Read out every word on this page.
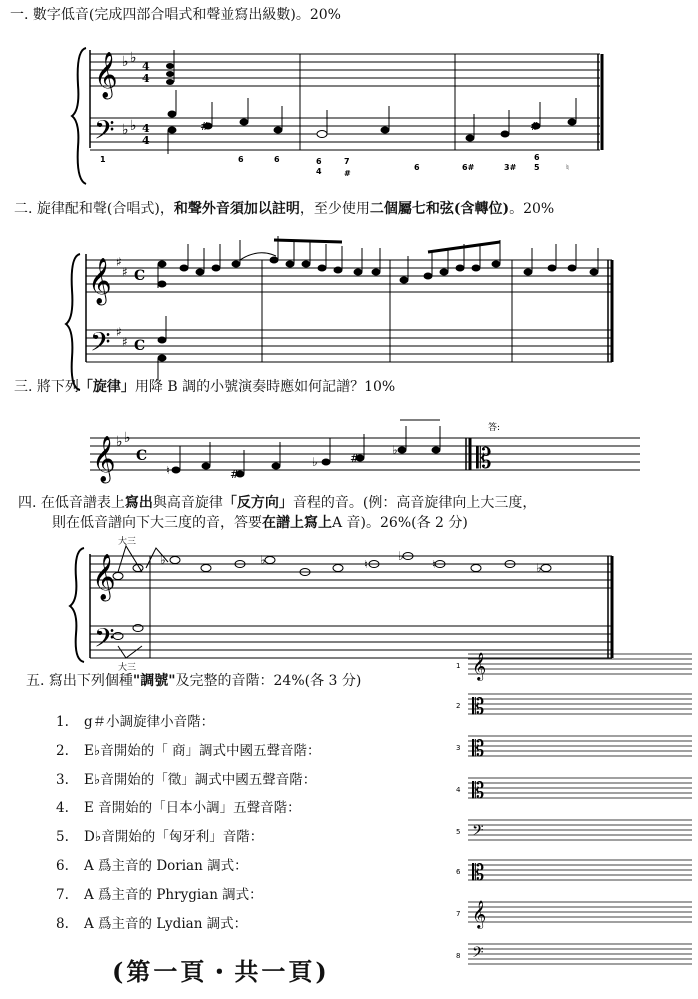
一. 數字低音(完成四部合唱式和聲並寫出級數)。20%
𝄞
𝄢
♭ ♭
♭ ♭
4
4
4
4
#	#
1	6	6	6
4
7
#
6	6#	3#
6
5	♮
二. 旋律配和聲(合唱式)，和聲外音須加以註明，至少使用二個屬七和弦(含轉位)。20%
𝄞
𝄢
♯
♯
♯
♯
C
C
三. 將下列「旋律」用降 B 調的小號演奏時應如何記譜？10%
𝄞 ♭ ♭
C
♮	#
♭	#
♭	𝄡
答:
四. 在低音譜表上寫出與高音旋律「反方向」音程的音。(例：高音旋律向上大三度，
則在低音譜向下大三度的音，答要在譜上寫上A 音)。26%(各 2 分)
𝄞
𝄢
大三
♭	♭	♮
♭
♮	♭
大三
五. 寫出下列個種"調號"及完整的音階：24%(各 3 分)
1. g＃小調旋律小音階：
2. E♭音開始的「 商」調式中國五聲音階：
3. E♭音開始的「徵」調式中國五聲音階：
4. E 音開始的「日本小調」五聲音階：
5. D♭音開始的「匈牙利」音階：
6. A 爲主音的 Dorian 調式：
7. A 爲主音的 Phrygian 調式：
8. A 爲主音的 Lydian 調式：
𝄞
𝄡
𝄡
𝄡
𝄢
𝄡
𝄞
𝄢
1
2
3
4
5
6
7
8
(第一頁・共一頁)
